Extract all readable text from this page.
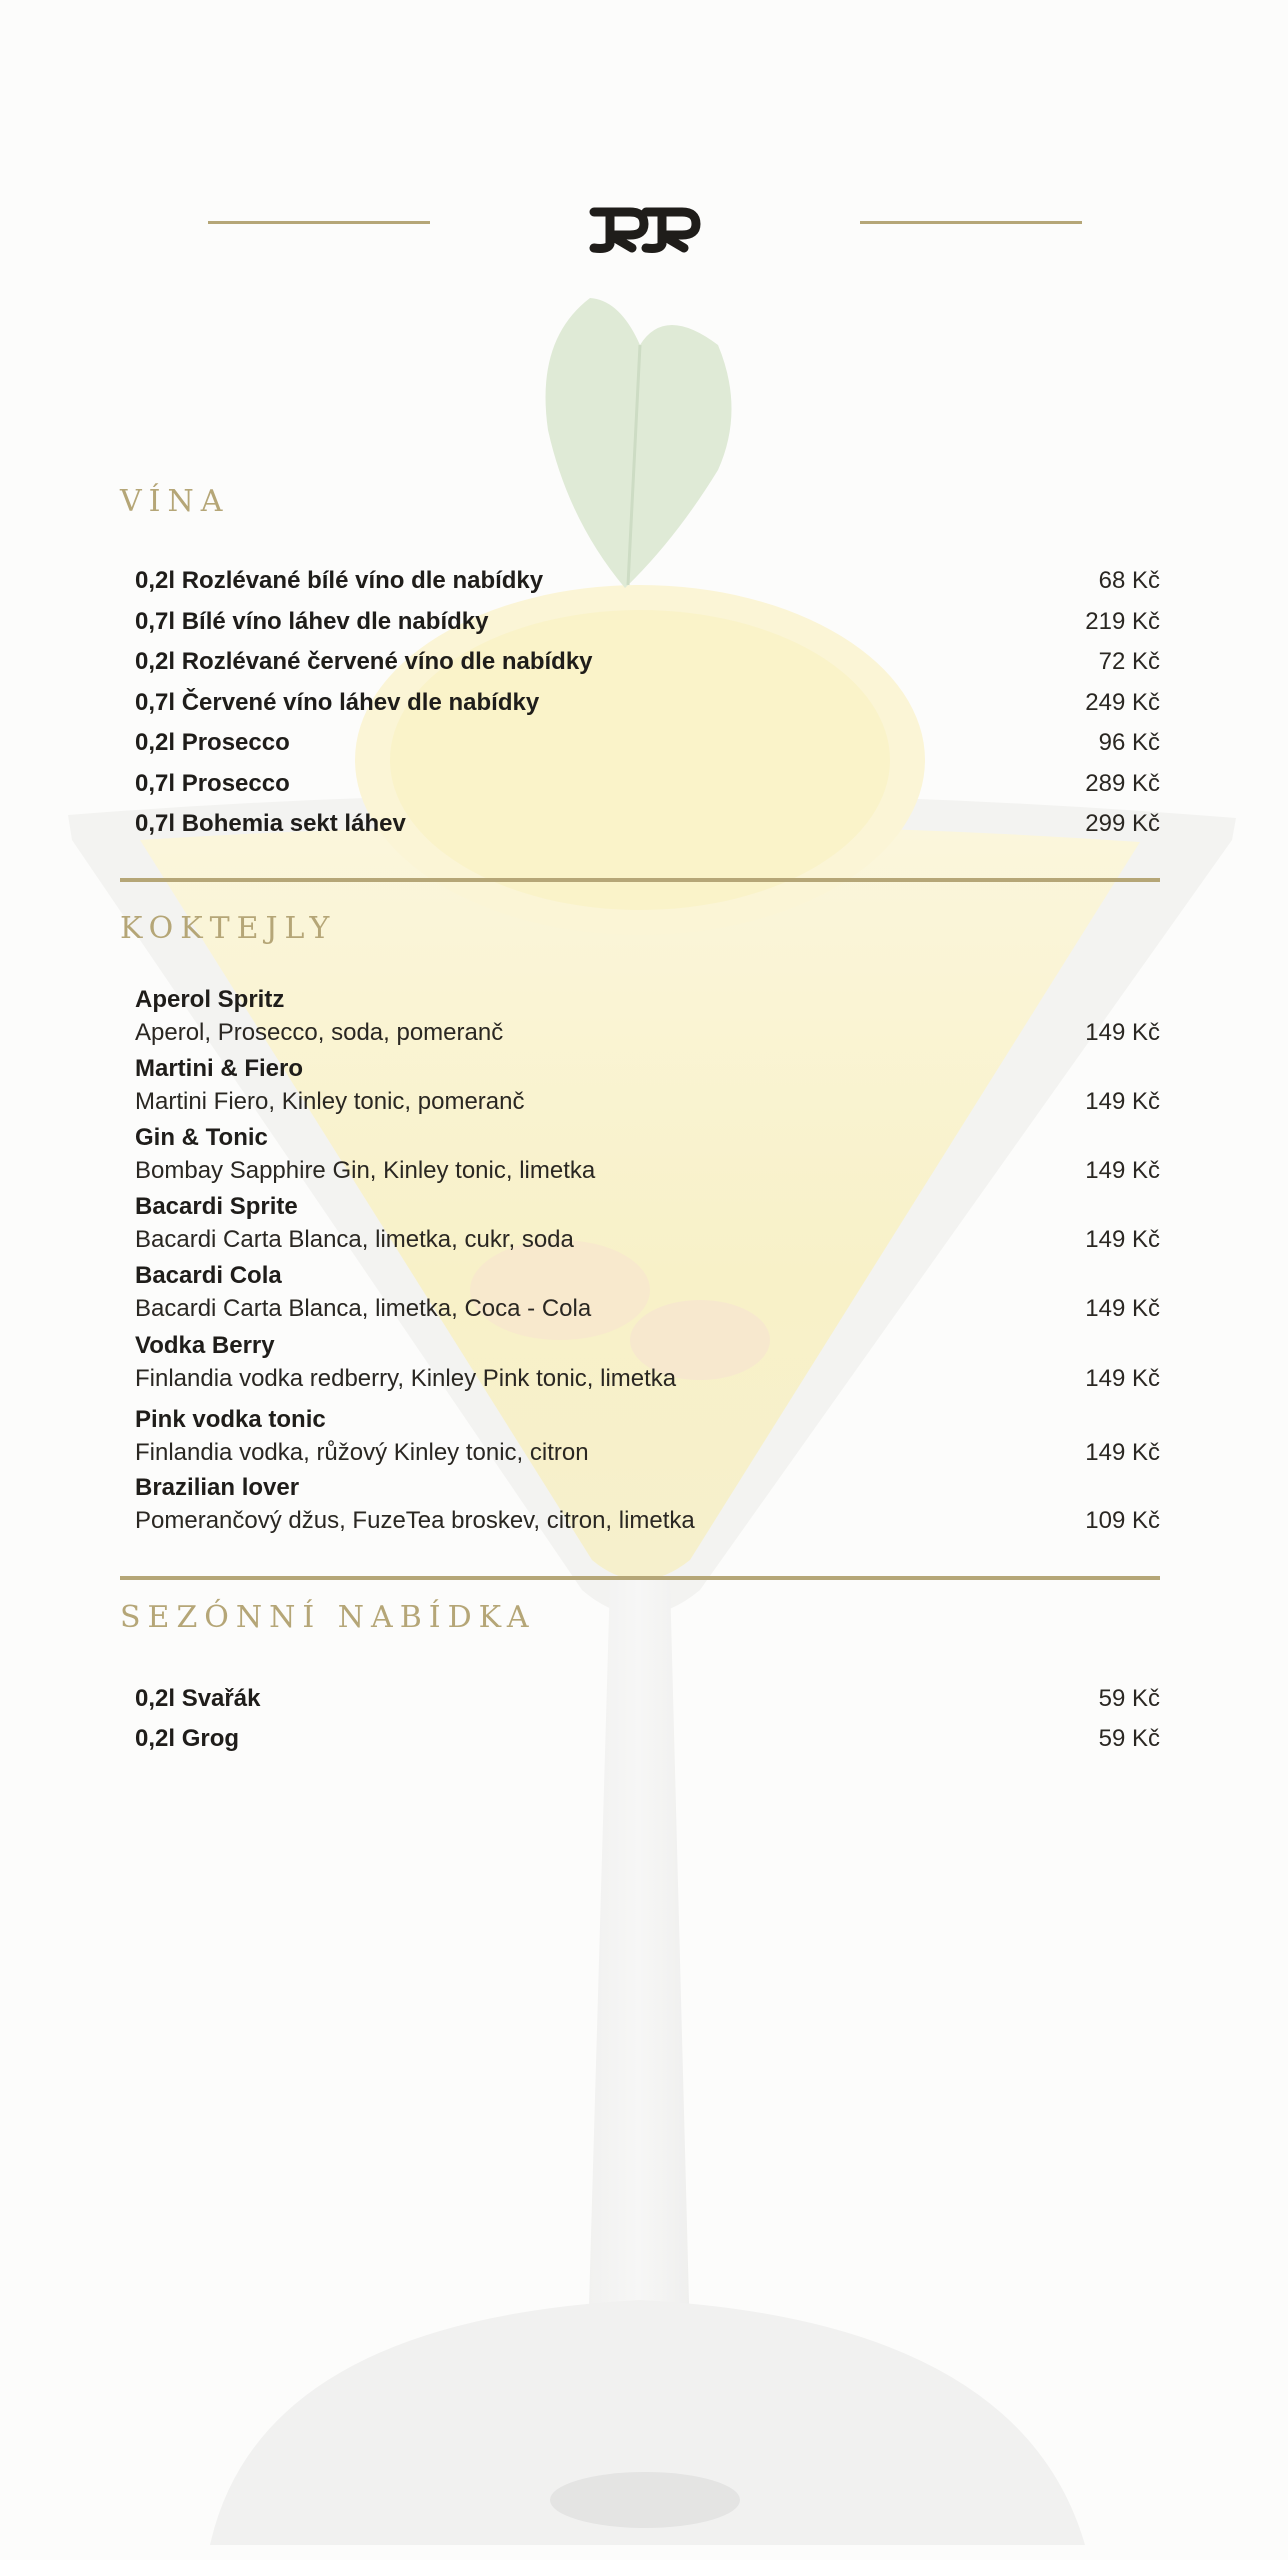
VÍNA
0,2l Rozlévané bílé víno dle nabídky	68 Kč
0,7l Bílé víno láhev dle nabídky	219 Kč
0,2l Rozlévané červené víno dle nabídky	72 Kč
0,7l Červené víno láhev dle nabídky	249 Kč
0,2l Prosecco	96 Kč
0,7l Prosecco	289 Kč
0,7l Bohemia sekt láhev	299 Kč
KOKTEJLY
Aperol Spritz
Aperol, Prosecco, soda, pomeranč	149 Kč
Martini & Fiero
Martini Fiero, Kinley tonic, pomeranč	149 Kč
Gin & Tonic
Bombay Sapphire Gin, Kinley tonic, limetka	149 Kč
Bacardi Sprite
Bacardi Carta Blanca, limetka, cukr, soda	149 Kč
Bacardi Cola
Bacardi Carta Blanca, limetka, Coca - Cola	149 Kč
Vodka Berry
Finlandia vodka redberry, Kinley Pink tonic, limetka	149 Kč
Pink vodka tonic
Finlandia vodka, růžový Kinley tonic, citron	149 Kč
Brazilian lover
Pomerančový džus, FuzeTea broskev, citron, limetka	109 Kč
SEZÓNNÍ NABÍDKA
0,2l Svařák	59 Kč
0,2l Grog	59 Kč
